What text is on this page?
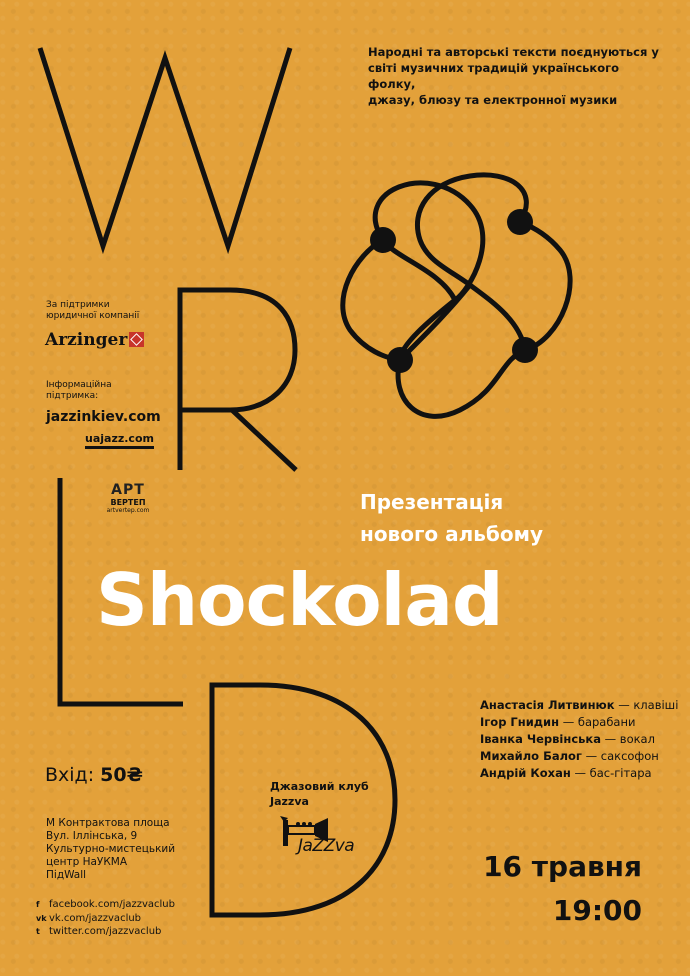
Народні та авторські тексти поєднуються у
світі музичних традицій українського фолку,
джазу, блюзу та електронної музики
Презентація
нового альбому
Shockolad
Анастасія Литвинюк — клавіші
Ігор Гнидин — барабани
Іванка Червінська — вокал
Михайло Балог — саксофон
Андрій Кохан — бас-гітара
За підтримки
юридичної компанії
Arzinger
Інформаційна
підтримка:
jazzinkiev.com
uajazz.com
АРТ
ВЕРТЕП
artvertep.com
Вхід: 50₴
М Контрактова площа
Вул. Іллінська, 9
Культурно-мистецький
центр НаУКМА
ПідWall
f facebook.com/jazzvaclub
vk vk.com/jazzvaclub
t twitter.com/jazzvaclub
Джазовий клуб
Jazzva
JaZZva
16 травня
19:00
